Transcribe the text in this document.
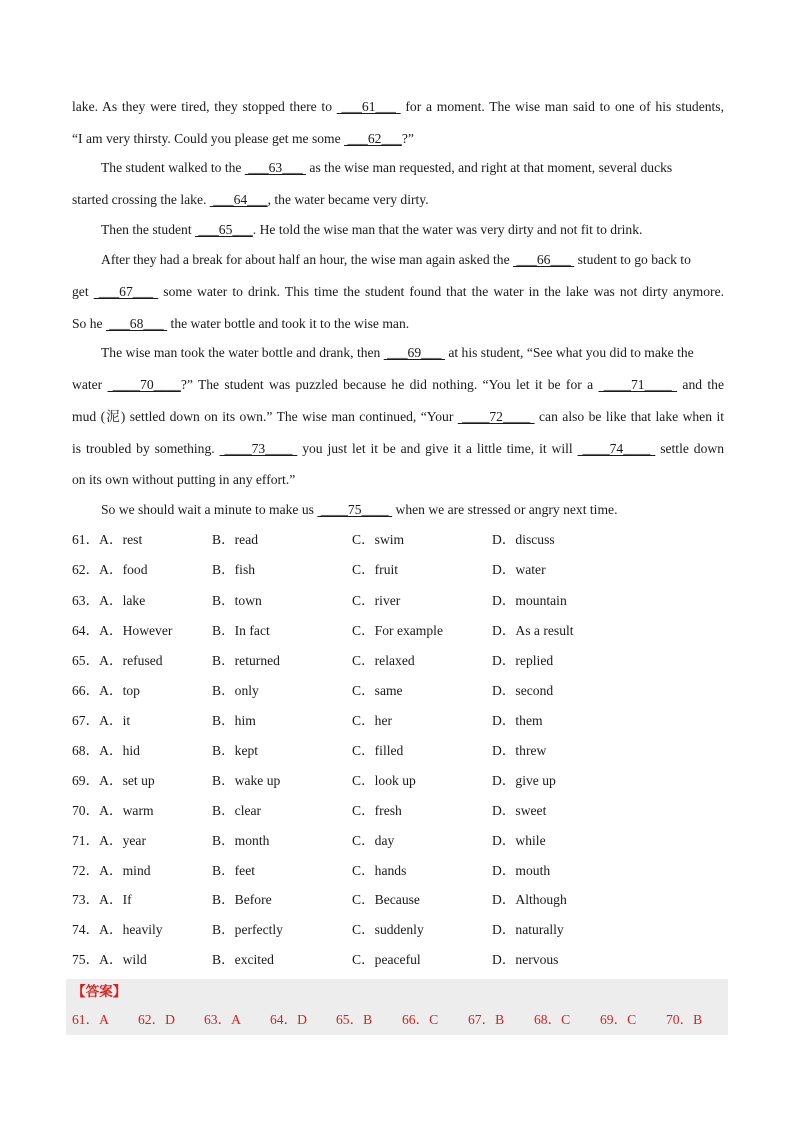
lake. As they were tired, they stopped there to  ___61___  for a moment. The wise man said to one of his students,
“I am very thirsty. Could you please get me some  ___62___?”
The student walked to the  ___63___  as the wise man requested, and right at that moment, several ducks
started crossing the lake.  ___64___, the water became very dirty.
Then the student  ___65___. He told the wise man that the water was very dirty and not fit to drink.
After they had a break for about half an hour, the wise man again asked the  ___66___  student to go back to
get  ___67___  some water to drink. This time the student found that the water in the lake was not dirty anymore.
So he  ___68___  the water bottle and took it to the wise man.
The wise man took the water bottle and drank, then  ___69___  at his student, “See what you did to make the
water  ____70____?” The student was puzzled because he did nothing. “You let it be for a  ____71____  and the
mud (泥) settled down on its own.” The wise man continued, “Your  ____72____  can also be like that lake when it
is troubled by something.  ____73____  you just let it be and give it a little time, it will  ____74____  settle down
on its own without putting in any effort.”
So we should wait a minute to make us  ____75____  when we are stressed or angry next time.
61．A．rest	B．read	C．swim	D．discuss
62．A．food	B．fish	C．fruit	D．water
63．A．lake	B．town	C．river	D．mountain
64．A．However	B．In fact	C．For example	D．As a result
65．A．refused	B．returned	C．relaxed	D．replied
66．A．top	B．only	C．same	D．second
67．A．it	B．him	C．her	D．them
68．A．hid	B．kept	C．filled	D．threw
69．A．set up	B．wake up	C．look up	D．give up
70．A．warm	B．clear	C．fresh	D．sweet
71．A．year	B．month	C．day	D．while
72．A．mind	B．feet	C．hands	D．mouth
73．A．If	B．Before	C．Because	D．Although
74．A．heavily	B．perfectly	C．suddenly	D．naturally
75．A．wild	B．excited	C．peaceful	D．nervous
【答案】
61．A 62．D 63．A 64．D 65．B 66．C 67．B 68．C 69．C 70．B
